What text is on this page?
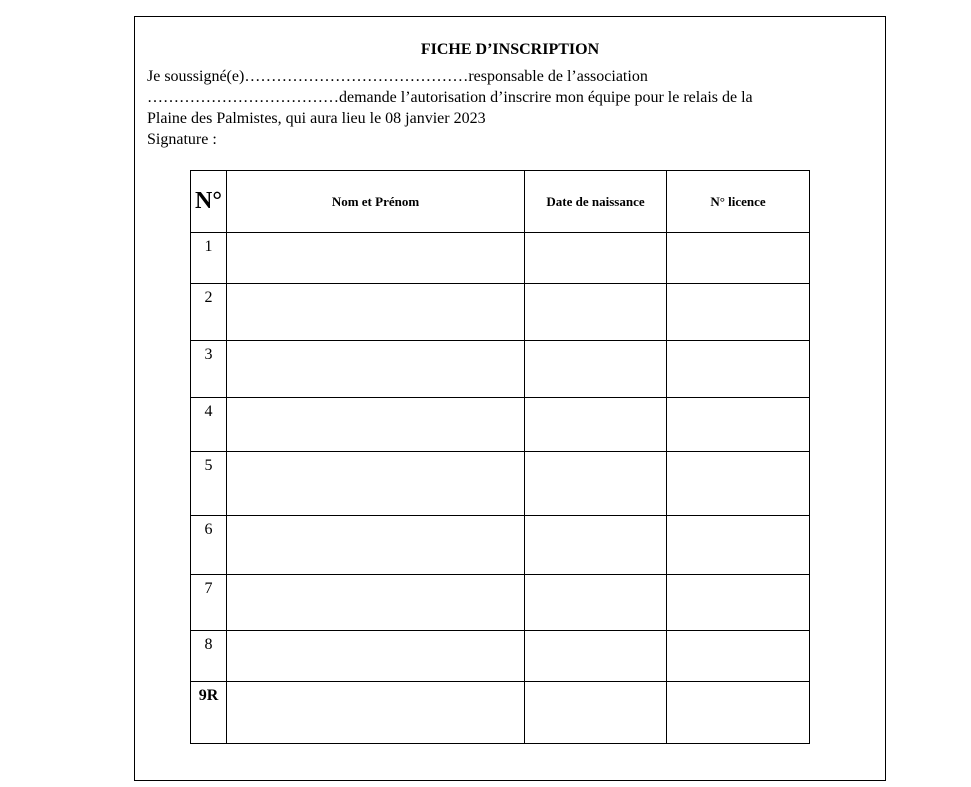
FICHE D’INSCRIPTION

Je soussigné(e)……………………………………responsable de l’association

………………………………demande l’autorisation d’inscrire mon équipe pour le relais de la

Plaine des Palmistes, qui aura lieu le 08 janvier 2023

Signature :

N°	Nom et Prénom	Date de naissance	N° licence
1			
2			
3			
4			
5			
6			
7			
8			
9R			
